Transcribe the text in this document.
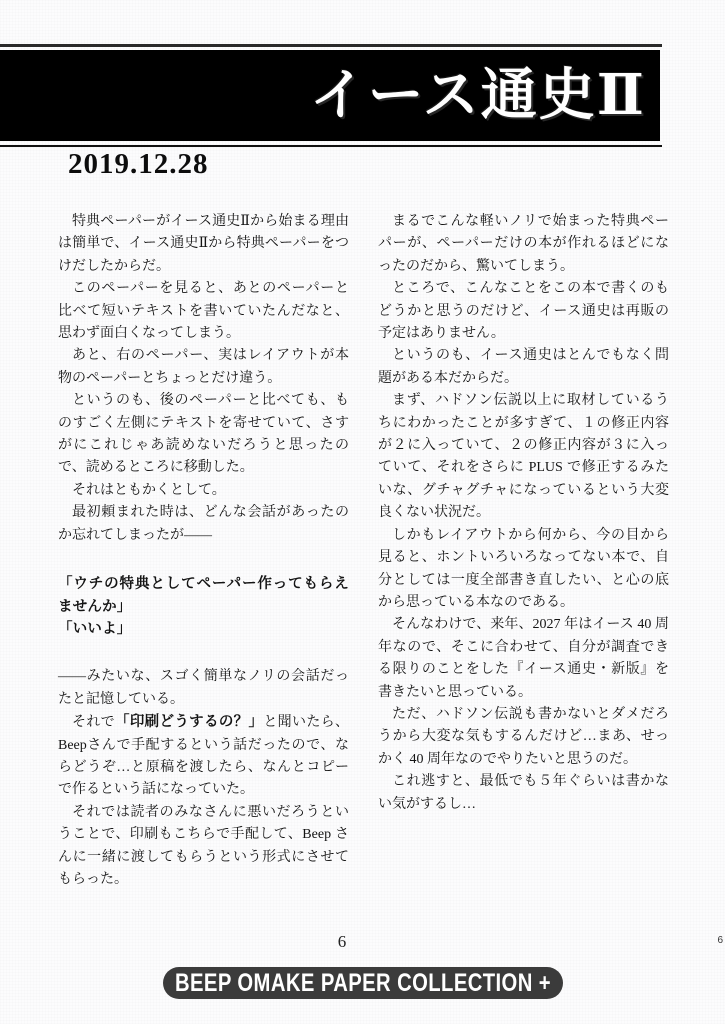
イース通史Ⅱ
2019.12.28

特典ペーパーがイース通史Ⅱから始まる理由は簡単で、イース通史Ⅱから特典ペーパーをつけだしたからだ。

このペーパーを見ると、あとのペーパーと比べて短いテキストを書いていたんだなと、思わず面白くなってしまう。

あと、右のペーパー、実はレイアウトが本物のペーパーとちょっとだけ違う。

というのも、後のペーパーと比べても、ものすごく左側にテキストを寄せていて、さすがにこれじゃあ読めないだろうと思ったので、読めるところに移動した。

それはともかくとして。

最初頼まれた時は、どんな会話があったのか忘れてしまったが――

「ウチの特典としてペーパー作ってもらえませんか」

「いいよ」

――みたいな、スゴく簡単なノリの会話だったと記憶している。

それで「印刷どうするの？」と聞いたら、Beepさんで手配するという話だったので、ならどうぞ…と原稿を渡したら、なんとコピーで作るという話になっていた。

それでは読者のみなさんに悪いだろうということで、印刷もこちらで手配して、Beep さんに一緒に渡してもらうという形式にさせてもらった。

まるでこんな軽いノリで始まった特典ペーパーが、ペーパーだけの本が作れるほどになったのだから、驚いてしまう。

ところで、こんなことをこの本で書くのもどうかと思うのだけど、イース通史は再販の予定はありません。

というのも、イース通史はとんでもなく問題がある本だからだ。

まず、ハドソン伝説以上に取材しているうちにわかったことが多すぎて、１の修正内容が２に入っていて、２の修正内容が３に入っていて、それをさらに PLUS で修正するみたいな、グチャグチャになっているという大変良くない状況だ。

しかもレイアウトから何から、今の目から見ると、ホントいろいろなってない本で、自分としては一度全部書き直したい、と心の底から思っている本なのである。

そんなわけで、来年、2027 年はイース 40 周年なので、そこに合わせて、自分が調査できる限りのことをした『イース通史・新版』を書きたいと思っている。

ただ、ハドソン伝説も書かないとダメだろうから大変な気もするんだけど…まあ、せっかく 40 周年なのでやりたいと思うのだ。

これ逃すと、最低でも５年ぐらいは書かない気がするし…

6	6
BEEP OMAKE PAPER COLLECTION +
